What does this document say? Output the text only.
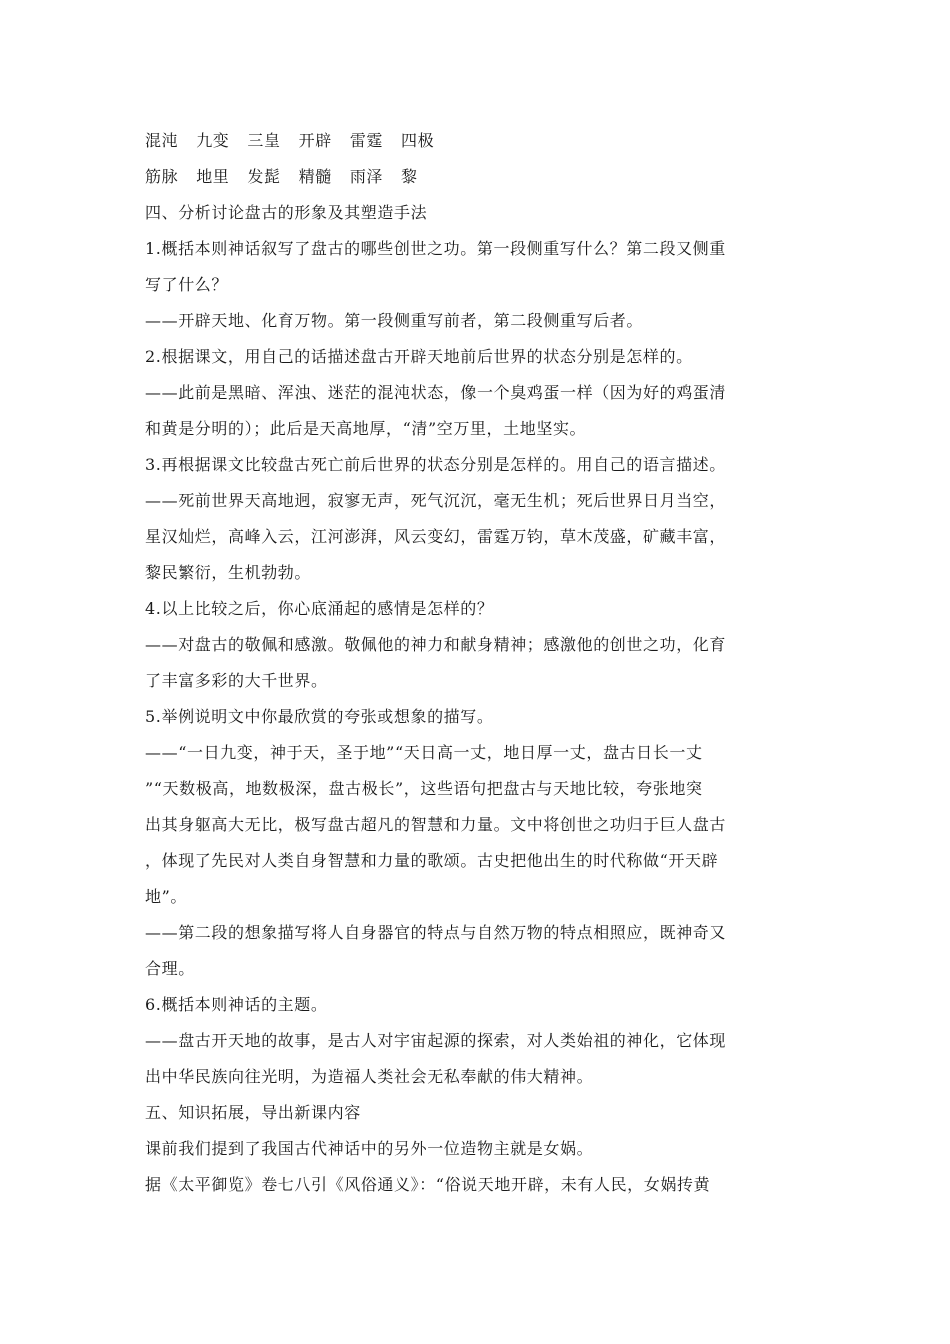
混沌 九变 三皇 开辟 雷霆 四极
筋脉 地里 发髭 精髓 雨泽 黎
四、分析讨论盘古的形象及其塑造手法
1.概括本则神话叙写了盘古的哪些创世之功。第一段侧重写什么？第二段又侧重
写了什么？
——开辟天地、化育万物。第一段侧重写前者，第二段侧重写后者。
2.根据课文，用自己的话描述盘古开辟天地前后世界的状态分别是怎样的。
——此前是黑暗、浑浊、迷茫的混沌状态，像一个臭鸡蛋一样（因为好的鸡蛋清
和黄是分明的）；此后是天高地厚，“清”空万里，土地坚实。
3.再根据课文比较盘古死亡前后世界的状态分别是怎样的。用自己的语言描述。
——死前世界天高地迥，寂寥无声，死气沉沉，毫无生机；死后世界日月当空，
星汉灿烂，高峰入云，江河澎湃，风云变幻，雷霆万钧，草木茂盛，矿藏丰富，
黎民繁衍，生机勃勃。
4.以上比较之后，你心底涌起的感情是怎样的？
——对盘古的敬佩和感激。敬佩他的神力和献身精神；感激他的创世之功，化育
了丰富多彩的大千世界。
5.举例说明文中你最欣赏的夸张或想象的描写。
——“一日九变，神于天，圣于地”“天日高一丈，地日厚一丈，盘古日长一丈
”“天数极高，地数极深，盘古极长”，这些语句把盘古与天地比较，夸张地突
出其身躯高大无比，极写盘古超凡的智慧和力量。文中将创世之功归于巨人盘古
，体现了先民对人类自身智慧和力量的歌颂。古史把他出生的时代称做“开天辟
地”。
——第二段的想象描写将人自身器官的特点与自然万物的特点相照应，既神奇又
合理。
6.概括本则神话的主题。
——盘古开天地的故事，是古人对宇宙起源的探索，对人类始祖的神化，它体现
出中华民族向往光明，为造福人类社会无私奉献的伟大精神。
五、知识拓展，导出新课内容
课前我们提到了我国古代神话中的另外一位造物主就是女娲。
据《太平御览》卷七八引《风俗通义》：“俗说天地开辟，未有人民，女娲抟黄
